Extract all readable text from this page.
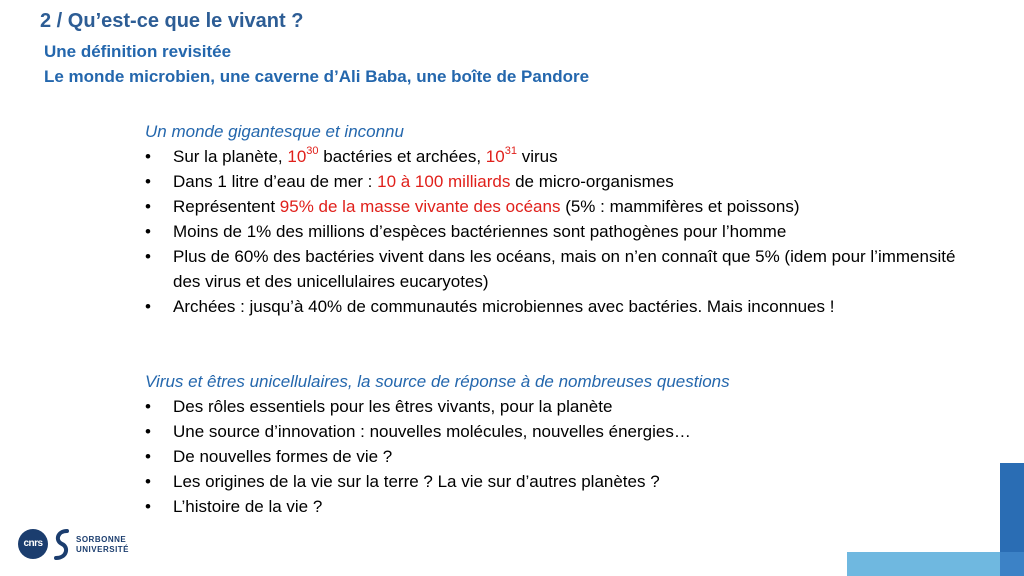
2 / Qu’est-ce que le vivant ?
Une définition revisitée
Le monde microbien, une caverne d’Ali Baba, une boîte de Pandore
Un monde gigantesque et inconnu
• Sur la planète, $10^{30}$ bactéries et archées, $10^{31}$ virus
• Dans 1 litre d’eau de mer : 10 à 100 milliards de micro-organismes
• Représentent 95% de la masse vivante des océans (5% : mammifères et poissons)
• Moins de 1% des millions d’espèces bactériennes sont pathogènes pour l’homme
• Plus de 60% des bactéries vivent dans les océans, mais on n’en connaît que 5% (idem pour l’immensité des virus et des unicellulaires eucaryotes)
• Archées : jusqu’à 40% de communautés microbiennes avec bactéries. Mais inconnues !
Virus et êtres unicellulaires, la source de réponse à de nombreuses questions
• Des rôles essentiels pour les êtres vivants, pour la planète
• Une source d’innovation : nouvelles molécules, nouvelles énergies…
• De nouvelles formes de vie ?
• Les origines de la vie sur la terre ? La vie sur d’autres planètes ?
• L’histoire de la vie ?
cnrs	SORBONNE
UNIVERSITÉ
